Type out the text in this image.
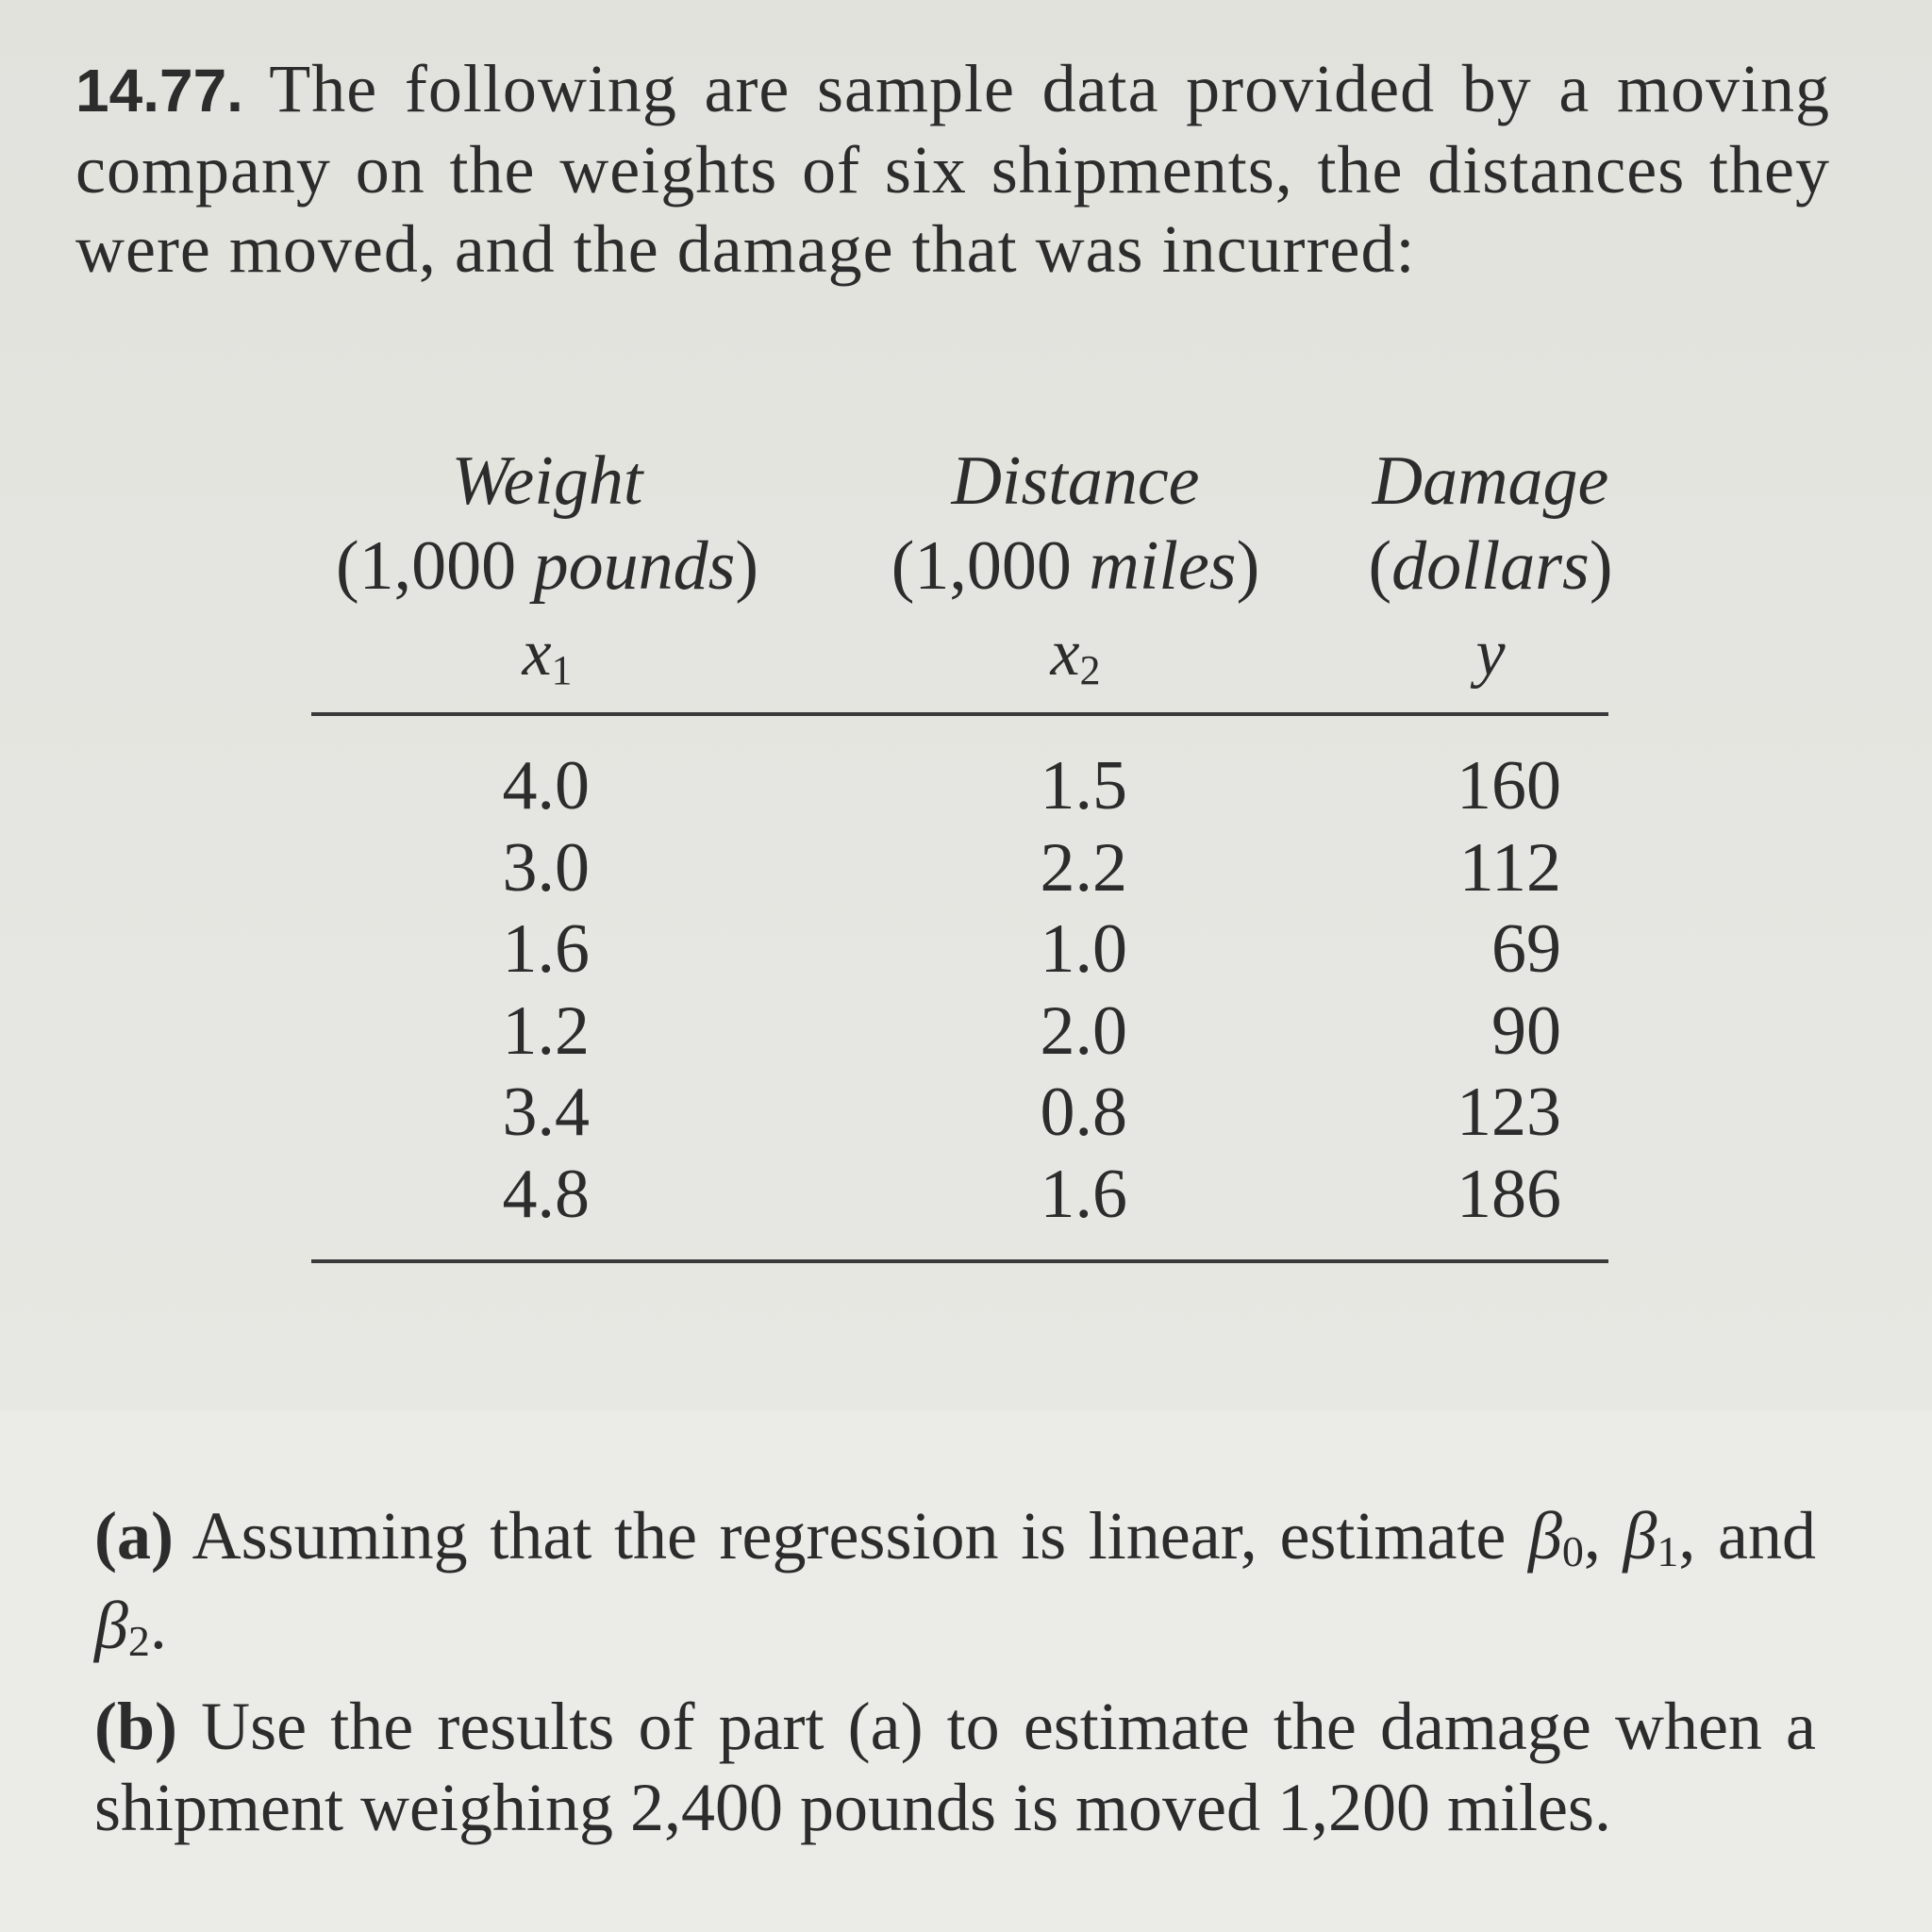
14.77. The following are sample data provided by a moving company on the weights of six shipments, the distances they were moved, and the damage that was incurred:
Weight
(1,000 pounds)
$x_1$
Distance
(1,000 miles)
$x_2$
Damage
(dollars)
y
4.0
3.0
1.6
1.2
3.4
4.8
1.5
2.2
1.0
2.0
0.8
1.6
160
112
69
90
123
186
(a) Assuming that the regression is linear, estimate $\beta_0$, $\beta_1$, and $\beta_2$.
(b) Use the results of part (a) to estimate the damage when a shipment weighing 2,400 pounds is moved 1,200 miles.
